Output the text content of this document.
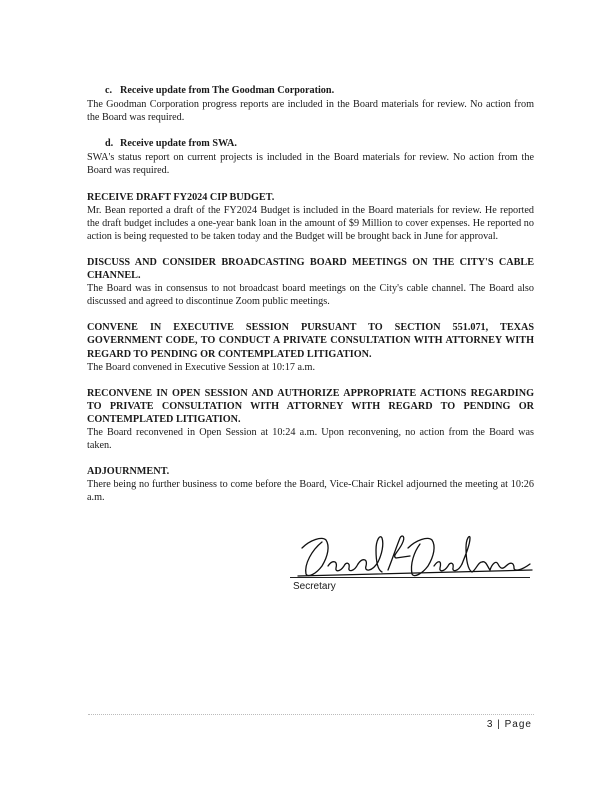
c. Receive update from The Goodman Corporation.

The Goodman Corporation progress reports are included in the Board materials for review. No action from the Board was required.

d. Receive update from SWA.

SWA's status report on current projects is included in the Board materials for review. No action from the Board was required.

RECEIVE DRAFT FY2024 CIP BUDGET.

Mr. Bean reported a draft of the FY2024 Budget is included in the Board materials for review. He reported the draft budget includes a one-year bank loan in the amount of $9 Million to cover expenses. He reported no action is being requested to be taken today and the Budget will be brought back in June for approval.

DISCUSS AND CONSIDER BROADCASTING BOARD MEETINGS ON THE CITY'S CABLE CHANNEL.

The Board was in consensus to not broadcast board meetings on the City's cable channel. The Board also discussed and agreed to discontinue Zoom public meetings.

CONVENE IN EXECUTIVE SESSION PURSUANT TO SECTION 551.071, TEXAS GOVERNMENT CODE, TO CONDUCT A PRIVATE CONSULTATION WITH ATTORNEY WITH REGARD TO PENDING OR CONTEMPLATED LITIGATION.

The Board convened in Executive Session at 10:17 a.m.

RECONVENE IN OPEN SESSION AND AUTHORIZE APPROPRIATE ACTIONS REGARDING TO PRIVATE CONSULTATION WITH ATTORNEY WITH REGARD TO PENDING OR CONTEMPLATED LITIGATION.

The Board reconvened in Open Session at 10:24 a.m. Upon reconvening, no action from the Board was taken.

ADJOURNMENT.

There being no further business to come before the Board, Vice-Chair Rickel adjourned the meeting at 10:26 a.m.

Secretary
3 | Page
